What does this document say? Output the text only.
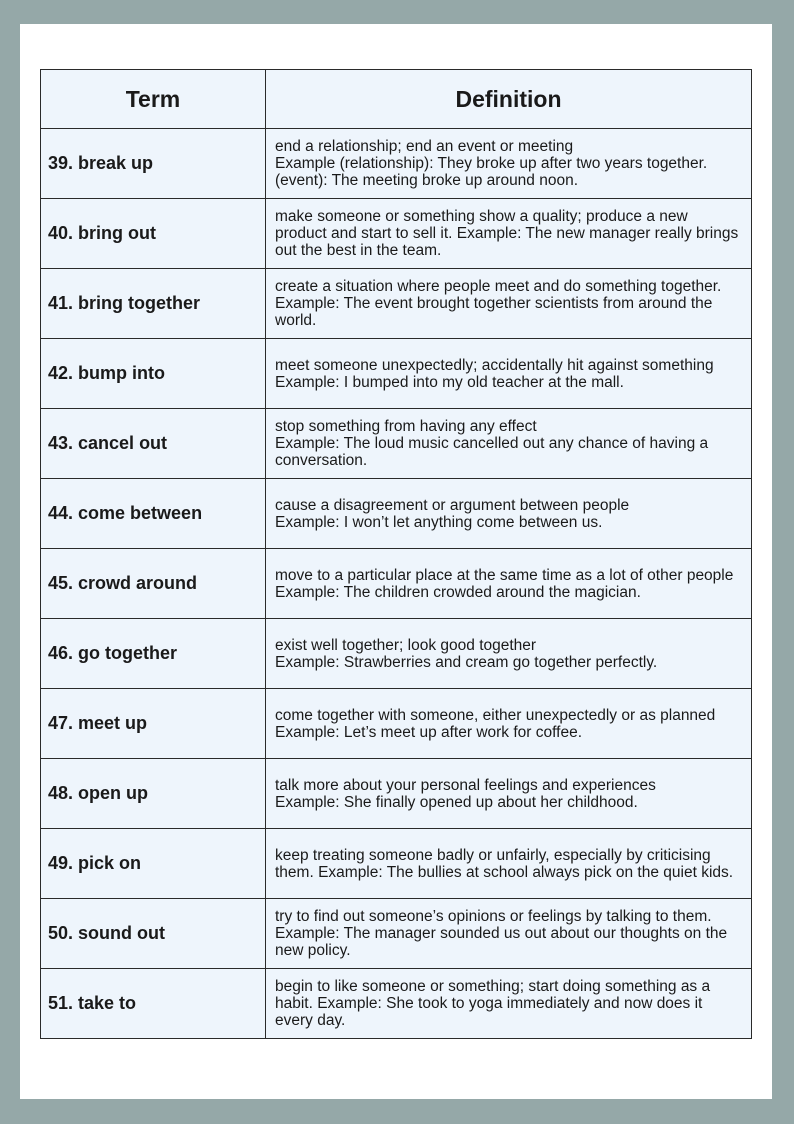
Term	Definition
39. break up	end a relationship; end an event or meeting
Example (relationship): They broke up after two years together. (event): The meeting broke up around noon.
40. bring out	make someone or something show a quality; produce a new product and start to sell it. Example: The new manager really brings out the best in the team.
41. bring together	create a situation where people meet and do something together. Example: The event brought together scientists from around the world.
42. bump into	meet someone unexpectedly; accidentally hit against something
Example: I bumped into my old teacher at the mall.
43. cancel out	stop something from having any effect
Example: The loud music cancelled out any chance of having a conversation.
44. come between	cause a disagreement or argument between people
Example: I won’t let anything come between us.
45. crowd around	move to a particular place at the same time as a lot of other people
Example: The children crowded around the magician.
46. go together	exist well together; look good together
Example: Strawberries and cream go together perfectly.
47. meet up	come together with someone, either unexpectedly or as planned
Example: Let’s meet up after work for coffee.
48. open up	talk more about your personal feelings and experiences
Example: She finally opened up about her childhood.
49. pick on	keep treating someone badly or unfairly, especially by criticising them. Example: The bullies at school always pick on the quiet kids.
50. sound out	try to find out someone’s opinions or feelings by talking to them. Example: The manager sounded us out about our thoughts on the new policy.
51. take to	begin to like someone or something; start doing something as a habit. Example: She took to yoga immediately and now does it every day.
